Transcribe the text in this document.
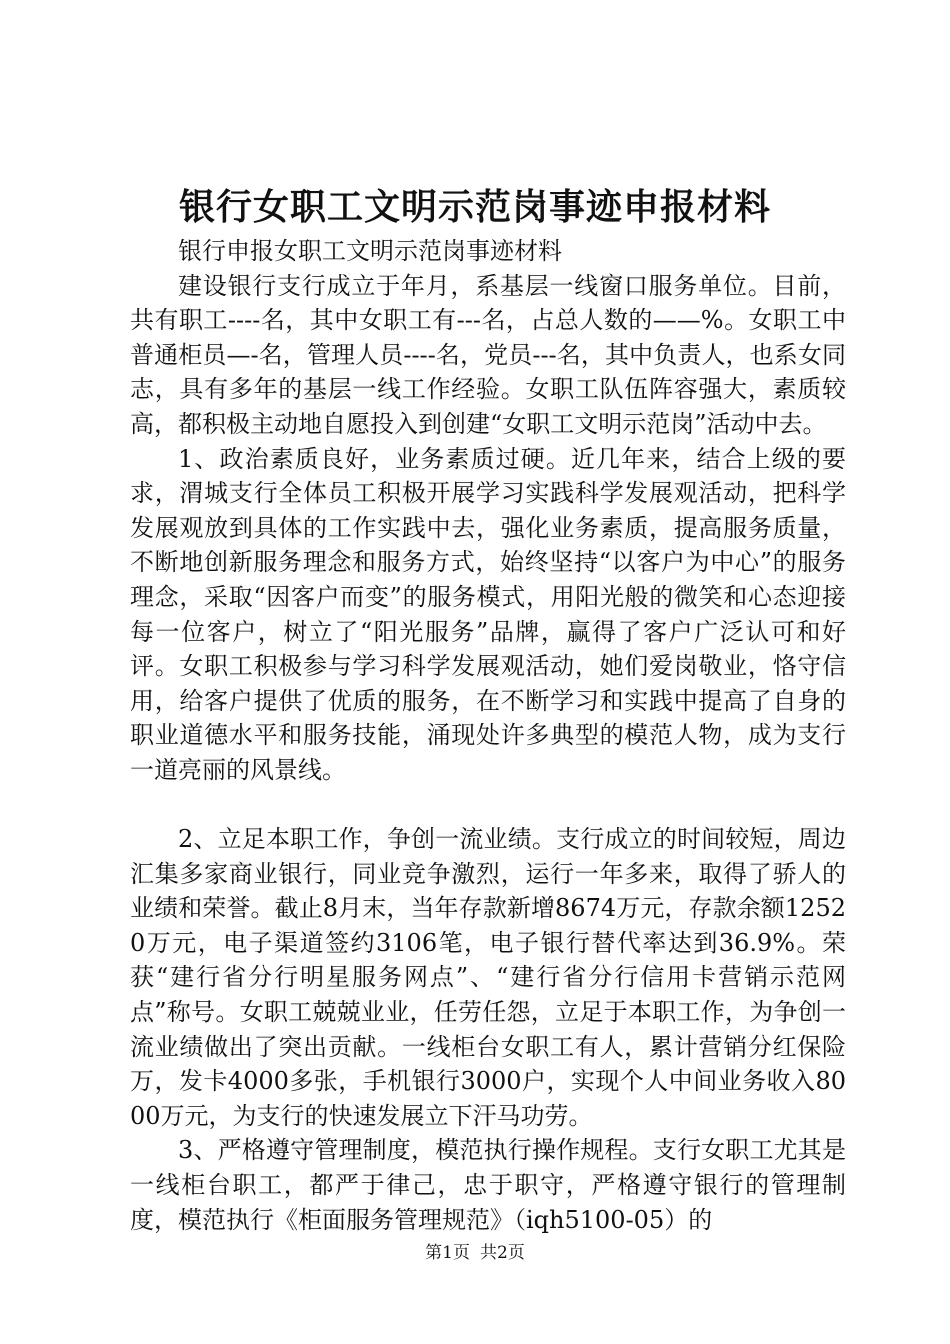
银行女职工文明示范岗事迹申报材料

银行申报女职工文明示范岗事迹材料

建设银行支行成立于年月，系基层一线窗口服务单位。目前，共有职工----名，其中女职工有---名，占总人数的——%。女职工中普通柜员—-名，管理人员----名，党员---名，其中负责人，也系女同志，具有多年的基层一线工作经验。女职工队伍阵容强大，素质较高，都积极主动地自愿投入到创建“女职工文明示范岗”活动中去。

1、政治素质良好，业务素质过硬。近几年来，结合上级的要求，渭城支行全体员工积极开展学习实践科学发展观活动，把科学发展观放到具体的工作实践中去，强化业务素质，提高服务质量，不断地创新服务理念和服务方式，始终坚持“以客户为中心”的服务理念，采取“因客户而变”的服务模式，用阳光般的微笑和心态迎接每一位客户，树立了“阳光服务”品牌，赢得了客户广泛认可和好评。女职工积极参与学习科学发展观活动，她们爱岗敬业，恪守信用，给客户提供了优质的服务，在不断学习和实践中提高了自身的职业道德水平和服务技能，涌现处许多典型的模范人物，成为支行一道亮丽的风景线。

2、立足本职工作，争创一流业绩。支行成立的时间较短，周边汇集多家商业银行，同业竞争激烈，运行一年多来，取得了骄人的业绩和荣誉。截止8月末，当年存款新增8674万元，存款余额12520万元，电子渠道签约3106笔，电子银行替代率达到36.9%。荣获“建行省分行明星服务网点”、“建行省分行信用卡营销示范网点”称号。女职工兢兢业业，任劳任怨，立足于本职工作，为争创一流业绩做出了突出贡献。一线柜台女职工有人，累计营销分红保险万，发卡4000多张，手机银行3000户，实现个人中间业务收入8000万元，为支行的快速发展立下汗马功劳。

3、严格遵守管理制度，模范执行操作规程。支行女职工尤其是一线柜台职工，都严于律己，忠于职守，严格遵守银行的管理制度，模范执行《柜面服务管理规范》（iqh5100-05）的

第1页 共2页
